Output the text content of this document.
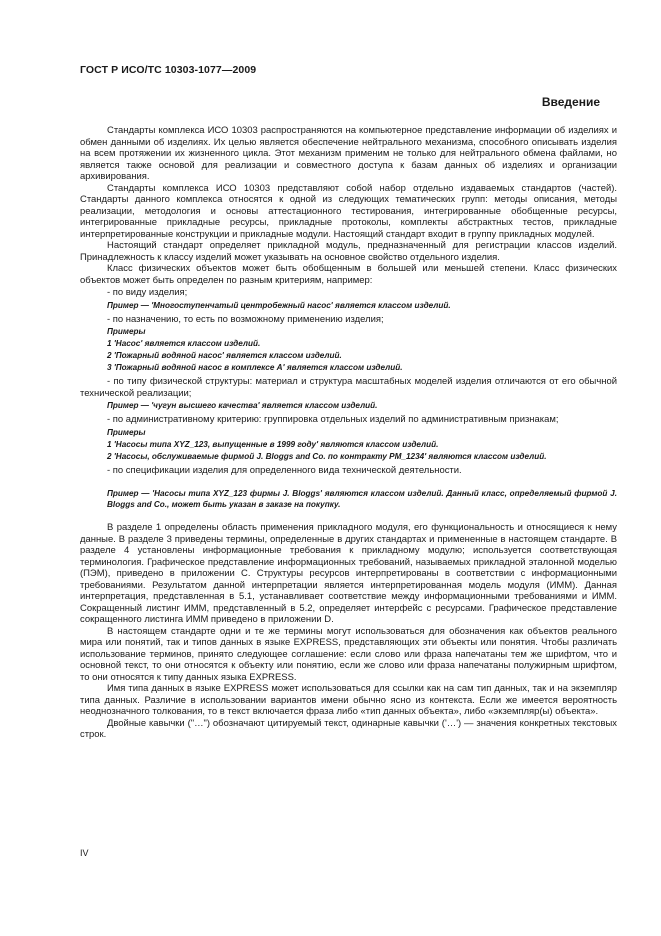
ГОСТ Р ИСО/ТС 10303-1077—2009
Введение

Стандарты комплекса ИСО 10303 распространяются на компьютерное представление информации об изделиях и обмен данными об изделиях. Их целью является обеспечение нейтрального механизма, способного описывать изделия на всем протяжении их жизненного цикла. Этот механизм применим не только для нейтрального обмена файлами, но является также основой для реализации и совместного доступа к базам данных об изделиях и организации архивирования.

Стандарты комплекса ИСО 10303 представляют собой набор отдельно издаваемых стандартов (частей). Стандарты данного комплекса относятся к одной из следующих тематических групп: методы описания, методы реализации, методология и основы аттестационного тестирования, интегрированные обобщенные ресурсы, интегрированные прикладные ресурсы, прикладные протоколы, комплекты абстрактных тестов, прикладные интерпретированные конструкции и прикладные модули. Настоящий стандарт входит в группу прикладных модулей.

Настоящий стандарт определяет прикладной модуль, предназначенный для регистрации классов изделий. Принадлежность к классу изделий может указывать на основное свойство отдельного изделия.

Класс физических объектов может быть обобщенным в большей или меньшей степени. Класс физических объектов может быть определен по разным критериям, например:

- по виду изделия;

Пример — 'Многоступенчатый центробежный насос' является классом изделий.

- по назначению, то есть по возможному применению изделия;

Примеры

1 'Насос' является классом изделий.

2 'Пожарный водяной насос' является классом изделий.

3 'Пожарный водяной насос в комплексе А' является классом изделий.

- по типу физической структуры: материал и структура масштабных моделей изделия отличаются от его обычной технической реализации;

Пример — 'чугун высшего качества' является классом изделий.

- по административному критерию: группировка отдельных изделий по административным признакам;

Примеры

1 'Насосы типа XYZ_123, выпущенные в 1999 году' являются классом изделий.

2 'Насосы, обслуживаемые фирмой J. Bloggs and Co. по контракту PM_1234' являются классом изделий.

- по спецификации изделия для определенного вида технической деятельности.

Пример — 'Насосы типа XYZ_123 фирмы J. Bloggs' являются классом изделий. Данный класс, определяемый фирмой J. Bloggs and Co., может быть указан в заказе на покупку.

В разделе 1 определены область применения прикладного модуля, его функциональность и относящиеся к нему данные. В разделе 3 приведены термины, определенные в других стандартах и примененные в настоящем стандарте. В разделе 4 установлены информационные требования к прикладному модулю; используется соответствующая терминология. Графическое представление информационных требований, называемых прикладной эталонной моделью (ПЭМ), приведено в приложении С. Структуры ресурсов интерпретированы в соответствии с информационными требованиями. Результатом данной интерпретации является интерпретированная модель модуля (ИММ). Данная интерпретация, представленная в 5.1, устанавливает соответствие между информационными требованиями и ИММ. Сокращенный листинг ИММ, представленный в 5.2, определяет интерфейс с ресурсами. Графическое представление сокращенного листинга ИММ приведено в приложении D.

В настоящем стандарте одни и те же термины могут использоваться для обозначения как объектов реального мира или понятий, так и типов данных в языке EXPRESS, представляющих эти объекты или понятия. Чтобы различать использование терминов, принято следующее соглашение: если слово или фраза напечатаны тем же шрифтом, что и основной текст, то они относятся к объекту или понятию, если же слово или фраза напечатаны полужирным шрифтом, то они относятся к типу данных языка EXPRESS.

Имя типа данных в языке EXPRESS может использоваться для ссылки как на сам тип данных, так и на экземпляр типа данных. Различие в использовании вариантов имени обычно ясно из контекста. Если же имеется вероятность неоднозначного толкования, то в текст включается фраза либо «тип данных объекта», либо «экземпляр(ы) объекта».

Двойные кавычки ("…") обозначают цитируемый текст, одинарные кавычки ('…') — значения конкретных текстовых строк.

IV
